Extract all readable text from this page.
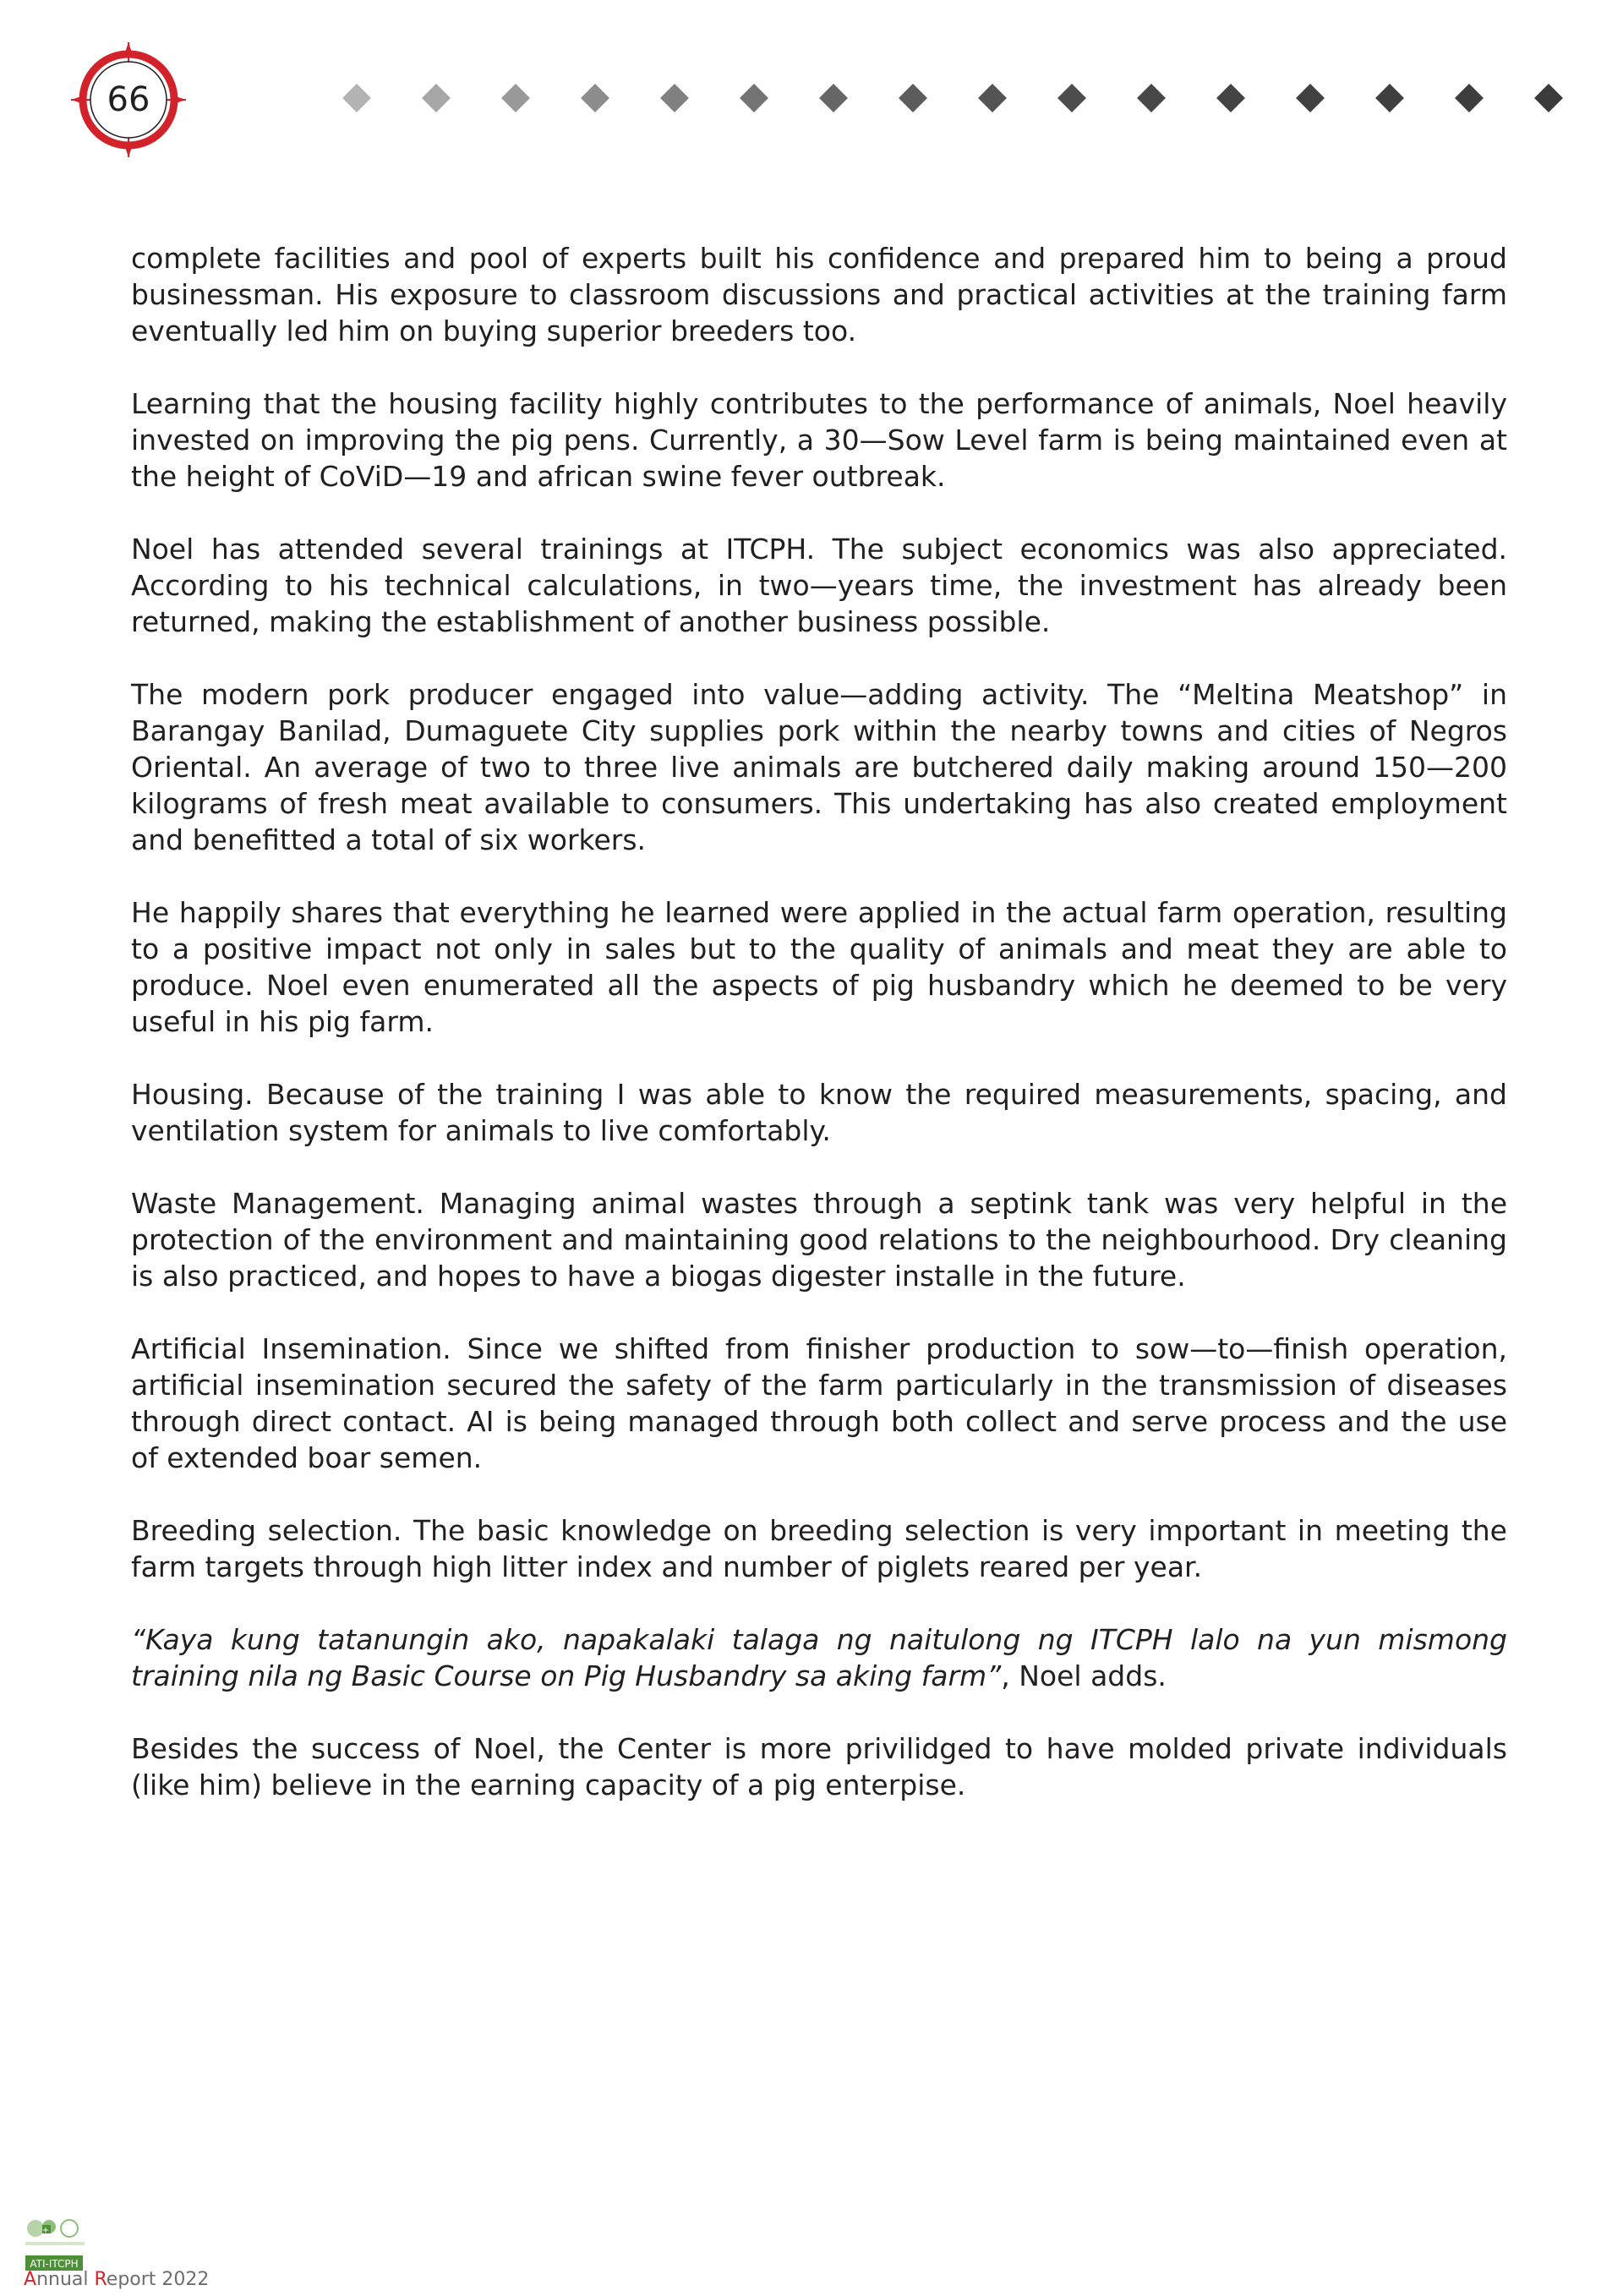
66

complete facilities and pool of experts built his confidence and prepared him to being a proud businessman. His exposure to classroom discussions and practical activities at the training farm eventually led him on buying superior breeders too.

Learning that the housing facility highly contributes to the performance of animals, Noel heavily invested on improving the pig pens. Currently, a 30—Sow Level farm is being maintained even at the height of CoViD—19 and african swine fever outbreak.

Noel has attended several trainings at ITCPH. The subject economics was also appreciated. According to his technical calculations, in two—years time, the investment has already been returned, making the establishment of another business possible.

The modern pork producer engaged into value—adding activity. The “Meltina Meatshop” in Barangay Banilad, Dumaguete City supplies pork within the nearby towns and cities of Negros Oriental. An average of two to three live animals are butchered daily making around 150—200 kilograms of fresh meat available to consumers. This undertaking has also created employment and benefitted a total of six workers.

He happily shares that everything he learned were applied in the actual farm operation, resulting to a positive impact not only in sales but to the quality of animals and meat they are able to produce. Noel even enumerated all the aspects of pig husbandry which he deemed to be very useful in his pig farm.

Housing. Because of the training I was able to know the required measurements, spacing, and ventilation system for animals to live comfortably.

Waste Management. Managing animal wastes through a septink tank was very helpful in the protection of the environment and maintaining good relations to the neighbourhood. Dry cleaning is also practiced, and hopes to have a biogas digester installe in the future.

Artificial Insemination. Since we shifted from finisher production to sow—to—finish operation, artificial insemination secured the safety of the farm particularly in the transmission of diseases through direct contact. AI is being managed through both collect and serve process and the use of extended boar semen.

Breeding selection. The basic knowledge on breeding selection is very important in meeting the farm targets through high litter index and number of piglets reared per year.

“Kaya kung tatanungin ako, napakalaki talaga ng naitulong ng ITCPH lalo na yun mismong training nila ng Basic Course on Pig Husbandry sa aking farm”, Noel adds.

Besides the success of Noel, the Center is more privilidged to have molded private individuals (like him) believe in the earning capacity of a pig enterpise.

+
ATI-ITCPH
Annual Report 2022
